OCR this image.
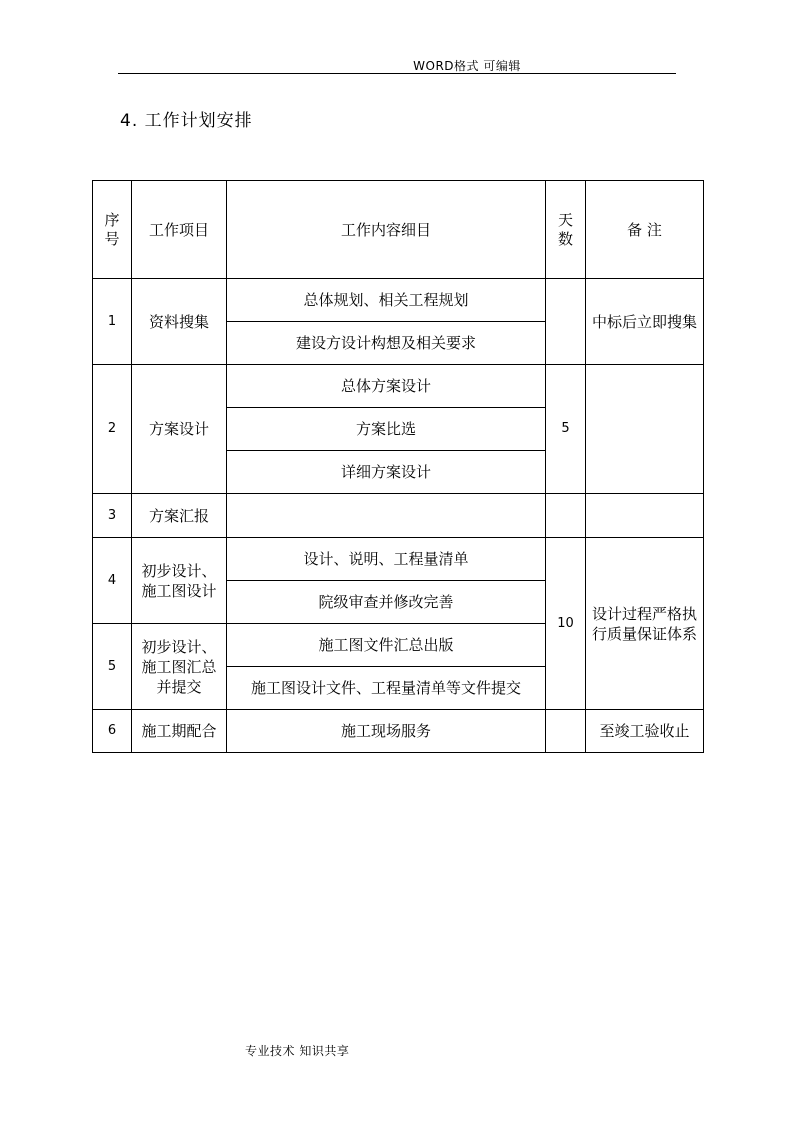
WORD格式 可编辑
4. 工作计划安排
序号	工作项目	工作内容细目	天数	备 注
1	资料搜集	总体规划、相关工程规划		中标后立即搜集
		建设方设计构想及相关要求		
2	方案设计	总体方案设计	5	
		方案比选		
		详细方案设计		
3	方案汇报			
4	初步设计、施工图设计	设计、说明、工程量清单	10	设计过程严格执行质量保证体系
		院级审查并修改完善		
5	初步设计、施工图汇总并提交	施工图文件汇总出版		
		施工图设计文件、工程量清单等文件提交		
6	施工期配合	施工现场服务		至竣工验收止
专业技术 知识共享
